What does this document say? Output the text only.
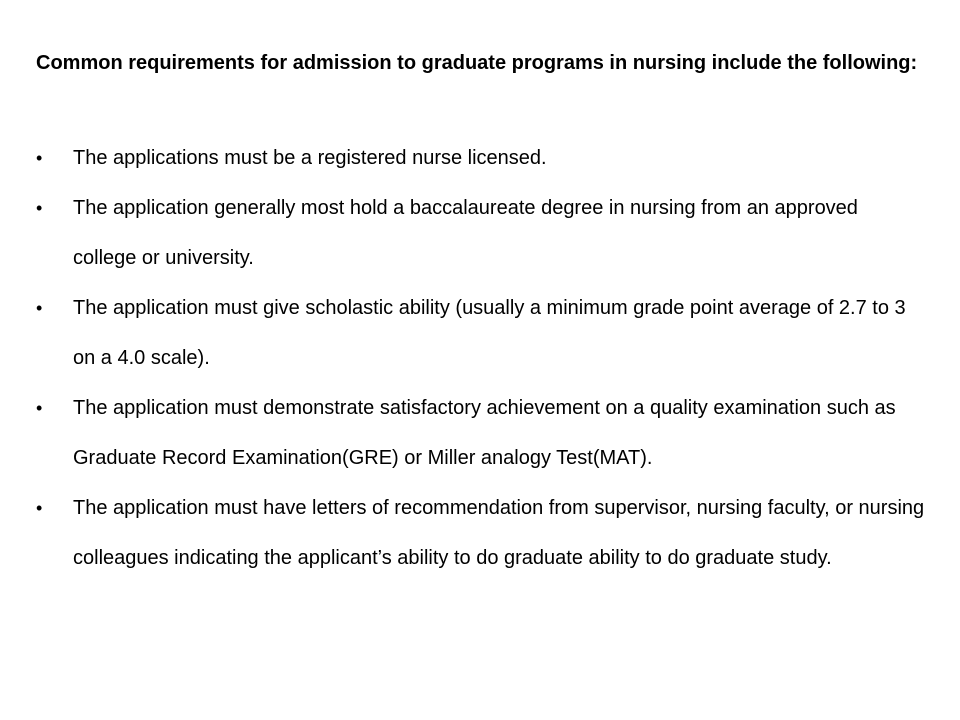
Common requirements for admission to graduate programs in nursing include the following:

•	The applications must be a registered nurse licensed.
•	The application generally most hold a baccalaureate degree in nursing from an approved college or university.
•	The application must give scholastic ability (usually a minimum grade point average of 2.7 to 3 on a 4.0 scale).
•	The application must demonstrate satisfactory achievement on a quality examination such as Graduate Record Examination(GRE) or Miller analogy Test(MAT).
•	The application must have letters of recommendation from supervisor, nursing faculty, or nursing colleagues indicating the applicant’s ability to do graduate ability to do graduate study.
